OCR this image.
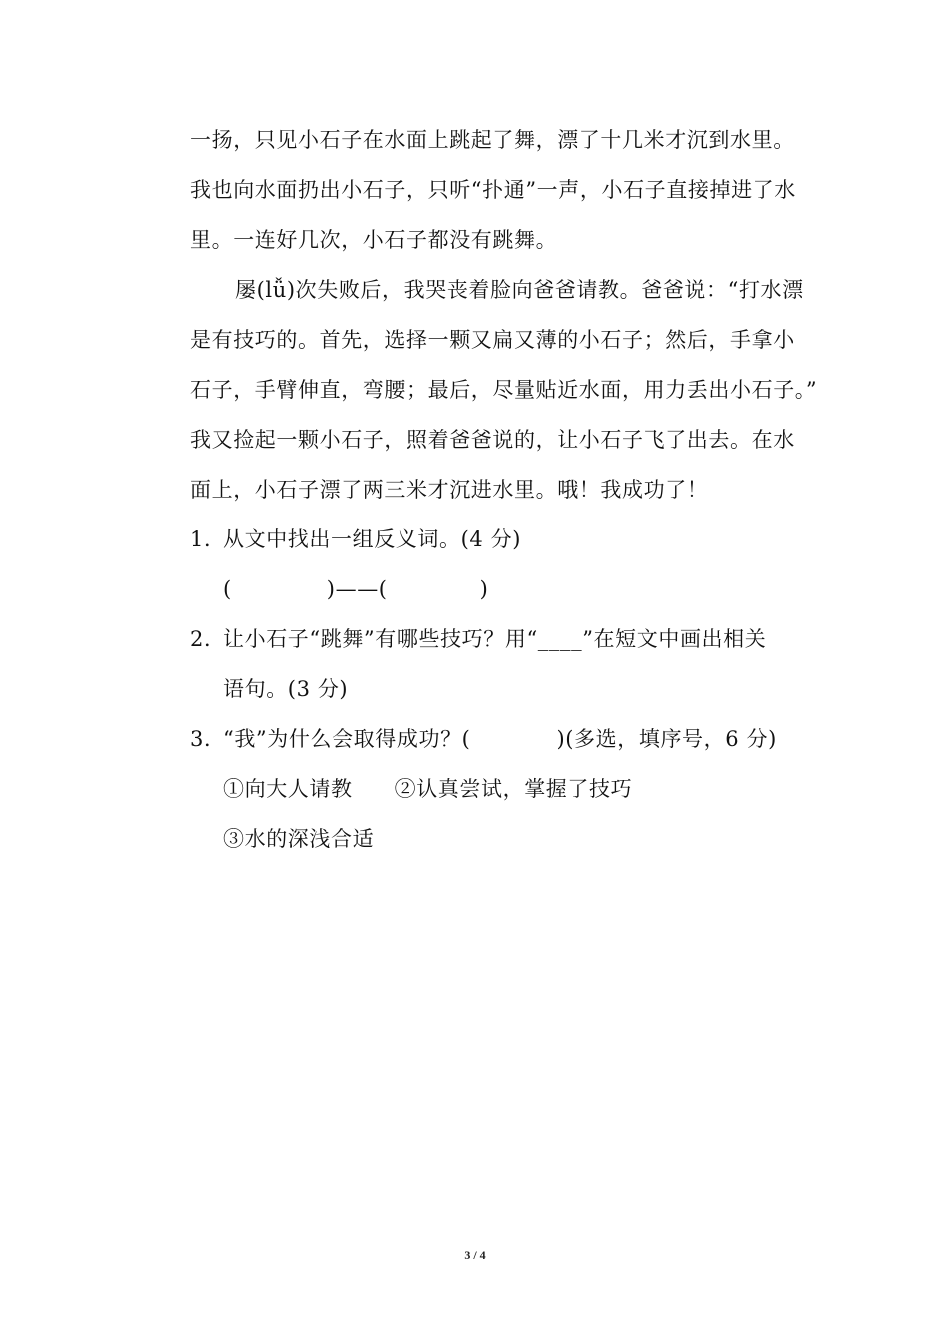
一扬，只见小石子在水面上跳起了舞，漂了十几米才沉到水里。
我也向水面扔出小石子，只听“扑通”一声，小石子直接掉进了水
里。一连好几次，小石子都没有跳舞。
屡(lǚ)次失败后，我哭丧着脸向爸爸请教。爸爸说：“打水漂
是有技巧的。首先，选择一颗又扁又薄的小石子；然后，手拿小
石子，手臂伸直，弯腰；最后，尽量贴近水面，用力丢出小石子。”
我又捡起一颗小石子，照着爸爸说的，让小石子飞了出去。在水
面上，小石子漂了两三米才沉进水里。哦！我成功了！
1．从文中找出一组反义词。(4 分)
(	)——(	)
2．让小石子“跳舞”有哪些技巧？用“____”在短文中画出相关
语句。(3 分)
3．“我”为什么会取得成功？(	)(多选，填序号，6 分)
①向大人请教 ②认真尝试，掌握了技巧
③水的深浅合适
3 / 4
